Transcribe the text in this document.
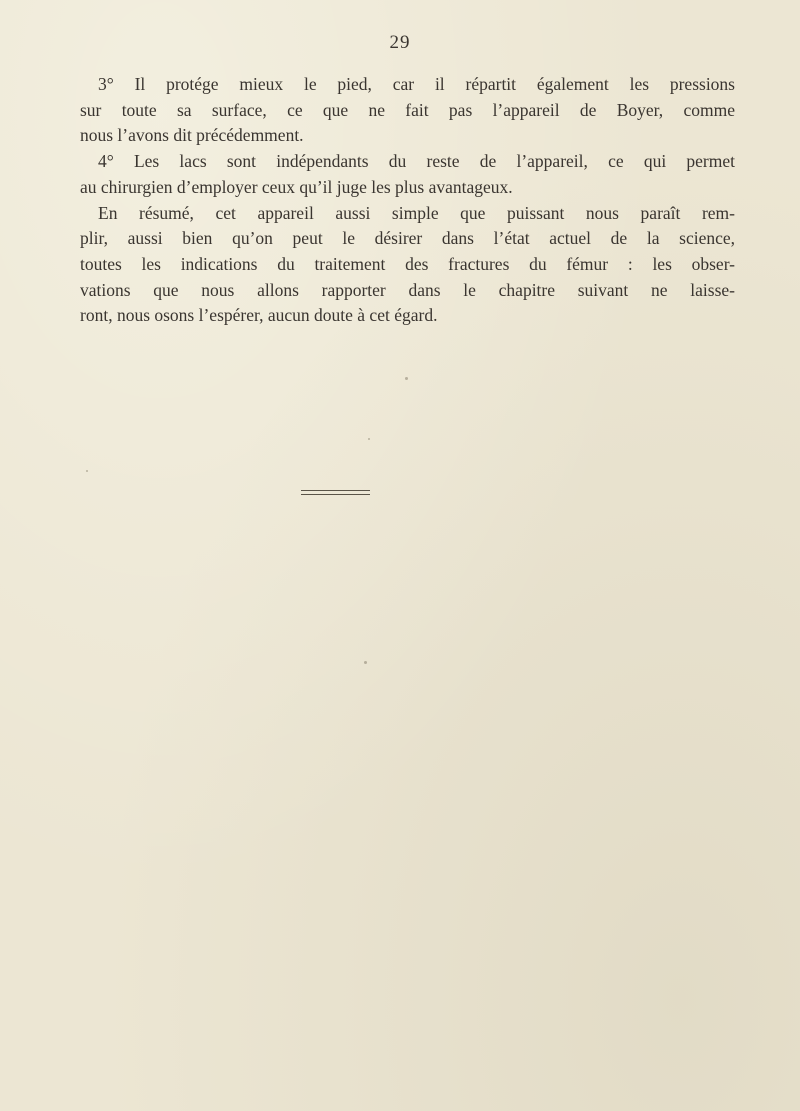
29
3° Il protége mieux le pied, car il répartit également les pressions
sur toute sa surface, ce que ne fait pas l’appareil de Boyer, comme
nous l’avons dit précédemment.
4° Les lacs sont indépendants du reste de l’appareil, ce qui permet
au chirurgien d’employer ceux qu’il juge les plus avantageux.
En résumé, cet appareil aussi simple que puissant nous paraît rem-
plir, aussi bien qu’on peut le désirer dans l’état actuel de la science,
toutes les indications du traitement des fractures du fémur : les obser-
vations que nous allons rapporter dans le chapitre suivant ne laisse-
ront, nous osons l’espérer, aucun doute à cet égard.
